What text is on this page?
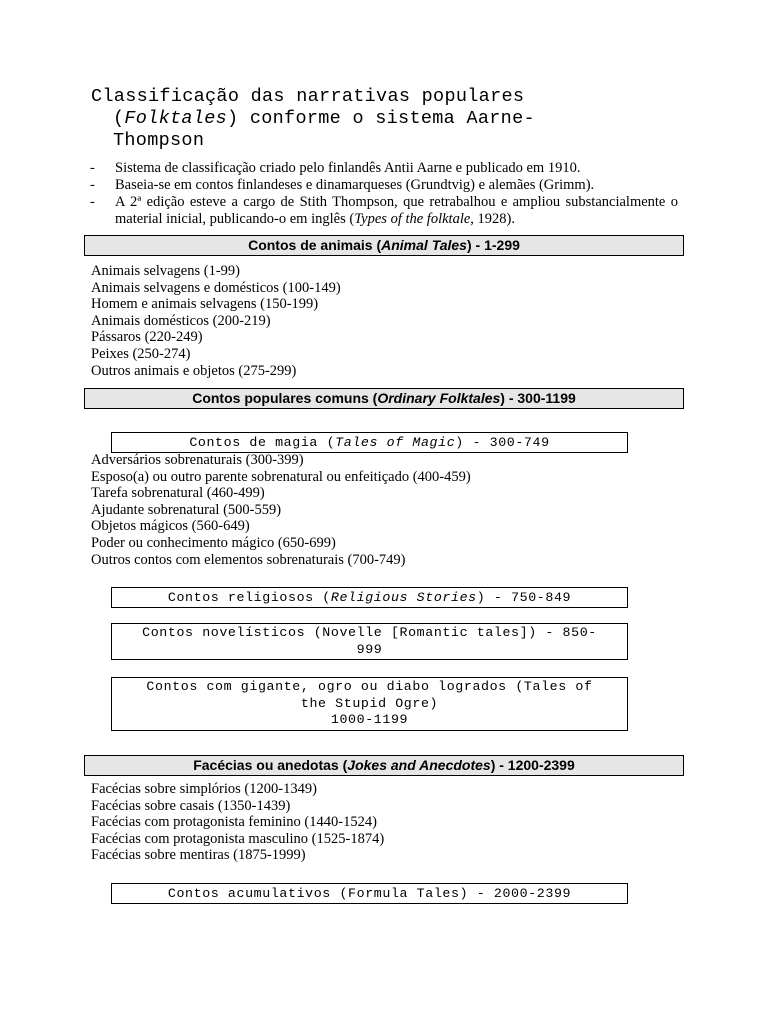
Classificação das narrativas populares
(Folktales) conforme o sistema Aarne-
Thompson
- Sistema de classificação criado pelo finlandês Antii Aarne e publicado em 1910.
- Baseia-se em contos finlandeses e dinamarqueses (Grundtvig) e alemães (Grimm).
- A 2ª edição esteve a cargo de Stith Thompson, que retrabalhou e ampliou substancialmente o material inicial, publicando-o em inglês (Types of the folktale, 1928).
Contos de animais (Animal Tales) - 1-299
Animais selvagens (1-99)
Animais selvagens e domésticos (100-149)
Homem e animais selvagens (150-199)
Animais domésticos (200-219)
Pássaros (220-249)
Peixes (250-274)
Outros animais e objetos (275-299)
Contos populares comuns (Ordinary Folktales) - 300-1199
Contos de magia (Tales of Magic) - 300-749
Adversários sobrenaturais (300-399)
Esposo(a) ou outro parente sobrenatural ou enfeitiçado (400-459)
Tarefa sobrenatural (460-499)
Ajudante sobrenatural (500-559)
Objetos mágicos (560-649)
Poder ou conhecimento mágico (650-699)
Outros contos com elementos sobrenaturais (700-749)
Contos religiosos (Religious Stories) - 750-849
Contos novelísticos (Novelle [Romantic tales]) - 850-
999
Contos com gigante, ogro ou diabo logrados (Tales of
the Stupid Ogre)
1000-1199
Facécias ou anedotas (Jokes and Anecdotes) - 1200-2399
Facécias sobre simplórios (1200-1349)
Facécias sobre casais (1350-1439)
Facécias com protagonista feminino (1440-1524)
Facécias com protagonista masculino (1525-1874)
Facécias sobre mentiras (1875-1999)
Contos acumulativos (Formula Tales) - 2000-2399
